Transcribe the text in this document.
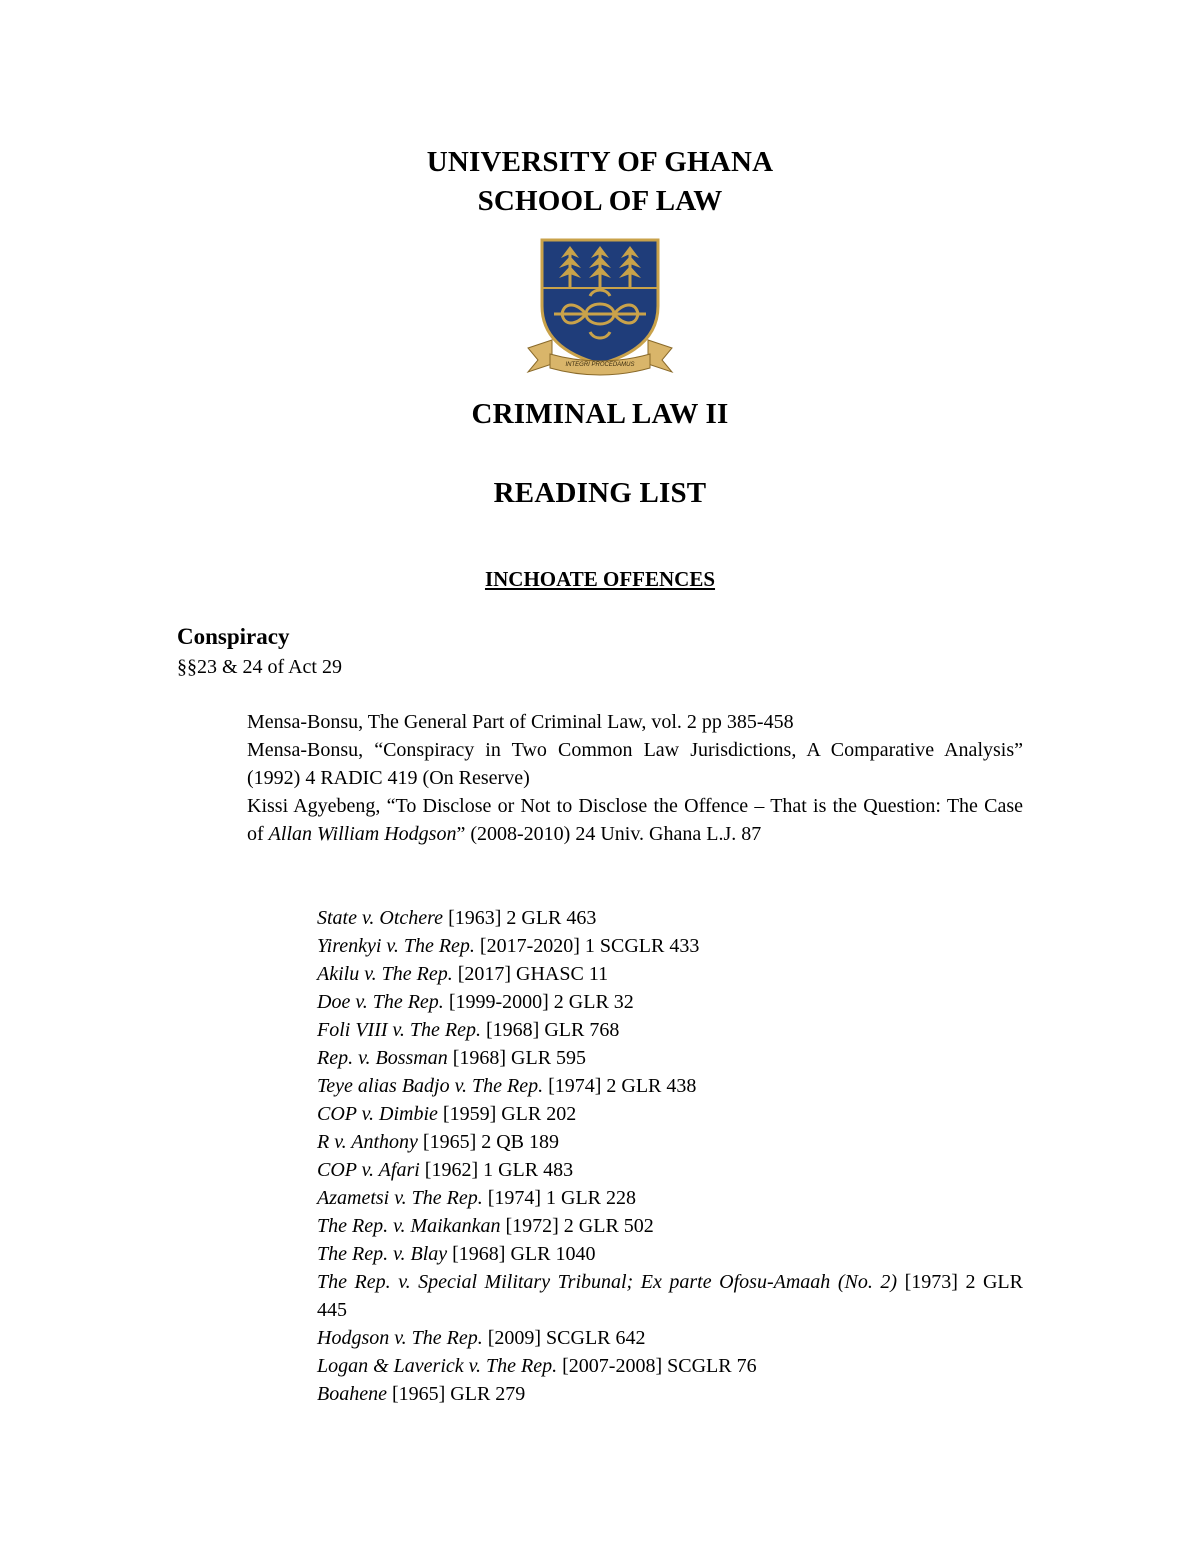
UNIVERSITY OF GHANA
SCHOOL OF LAW
INTEGRI PROCEDAMUS
CRIMINAL LAW II
READING LIST
INCHOATE OFFENCES
Conspiracy
§§23 & 24 of Act 29
Mensa-Bonsu, The General Part of Criminal Law, vol. 2 pp 385-458
Mensa-Bonsu, “Conspiracy in Two Common Law Jurisdictions, A Comparative Analysis” (1992) 4 RADIC 419 (On Reserve)
Kissi Agyebeng, “To Disclose or Not to Disclose the Offence – That is the Question: The Case of Allan William Hodgson” (2008-2010) 24 Univ. Ghana L.J. 87
State v. Otchere [1963] 2 GLR 463
Yirenkyi v. The Rep. [2017-2020] 1 SCGLR 433
Akilu v. The Rep. [2017] GHASC 11
Doe v. The Rep. [1999-2000] 2 GLR 32
Foli VIII v. The Rep. [1968] GLR 768
Rep. v. Bossman [1968] GLR 595
Teye alias Badjo v. The Rep. [1974] 2 GLR 438
COP v. Dimbie [1959] GLR 202
R v. Anthony [1965] 2 QB 189
COP v. Afari [1962] 1 GLR 483
Azametsi v. The Rep. [1974] 1 GLR 228
The Rep. v. Maikankan [1972] 2 GLR 502
The Rep. v. Blay [1968] GLR 1040
The Rep. v. Special Military Tribunal; Ex parte Ofosu-Amaah (No. 2) [1973] 2 GLR 445
Hodgson v. The Rep. [2009] SCGLR 642
Logan & Laverick v. The Rep. [2007-2008] SCGLR 76
Boahene [1965] GLR 279
